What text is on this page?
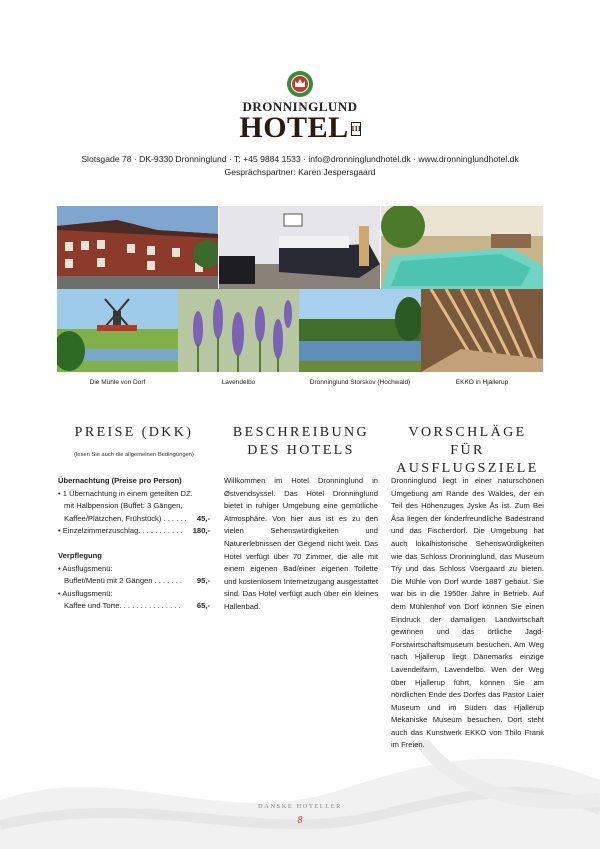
DRONNINGLUND
HOTEL III
Slotsgade 78 · DK-9330 Dronninglund · T: +45 9884 1533 · info@dronninglundhotel.dk · www.dronninglundhotel.dk
Gesprächspartner: Karen Jespersgaard
Die Mühle von Dorf	Lavendelbo	Dronninglund Storskov (Hochwald)	EKKO in Hjallerup
PREISE (DKK)
(lesen Sie auch die allgemeinen Bedingungen)
Übernachtung (Preise pro Person)
• 1 Übernachtung in einem geteilten DZ.
mit Halbpension (Buffet: 3 Gängen,
Kaffee/Plätzchen, Frühstück) . . . . . . 45,-
• Einzelzimmerzuschlag. . . . . . . . . . . 180,-
Verpflegung
• Ausflugsmenü:
Buffet/Menü mit 2 Gängen . . . . . . . 95,-
• Ausflugsmenü:
Kaffee und Torte. . . . . . . . . . . . . . . 65,-
BESCHREIBUNG
DES HOTELS

Willkommen im Hotel Dronninglund in Østvendsyssel. Das Hotel Dronninglund bietet in ruhiger Umgebung eine gemütliche Atmosphäre. Von hier aus ist es zu den vielen Sehenswürdigkeiten und Naturerlebnissen der Gegend nicht weit. Das Hotel verfügt über 70 Zimmer, die alle mit einem eigenen Bad/einer eigenen Toilette und kostenlosem Internetzugang ausgestattet sind. Das Hotel verfügt auch über ein kleines Hallenbad.

VORSCHLÄGE FÜR
AUSFLUGSZIELE

Dronninglund liegt in einer naturschönen Umgebung am Rande des Waldes, der ein Teil des Höhenzuges Jyske Ås ist. Zum Bei Åsa liegen der kinderfreundliche Badestrand und das Fischerdorf. Die Umgebung hat auch lokalhistorische Sehenswürdigkeiten wie das Schloss Dronninglund, das Museum Try und das Schloss Voergaard zu bieten. Die Mühle von Dorf wurde 1887 gebaut. Sie war bis in die 1950er Jahre in Betrieb. Auf dem Mühlenhof von Dorf können Sie einen Eindruck der damaligen Landwirtschaft gewinnen und das örtliche Jagd- Forstwirtschaftsmuseum besuchen. Am Weg nach Hjallerup liegt Dänemarks einzige Lavendelfarm, Lavendelbo. Wen der Weg über Hjallerup führt, können Sie am nördlichen Ende des Dorfes das Pastor Laier Museum und im Süden das Hjallerup Mekaniske Museum besuchen. Dort steht auch das Kunstwerk EKKO von Thilo Frank im Freien.

DANSKE HOTELLER
8
